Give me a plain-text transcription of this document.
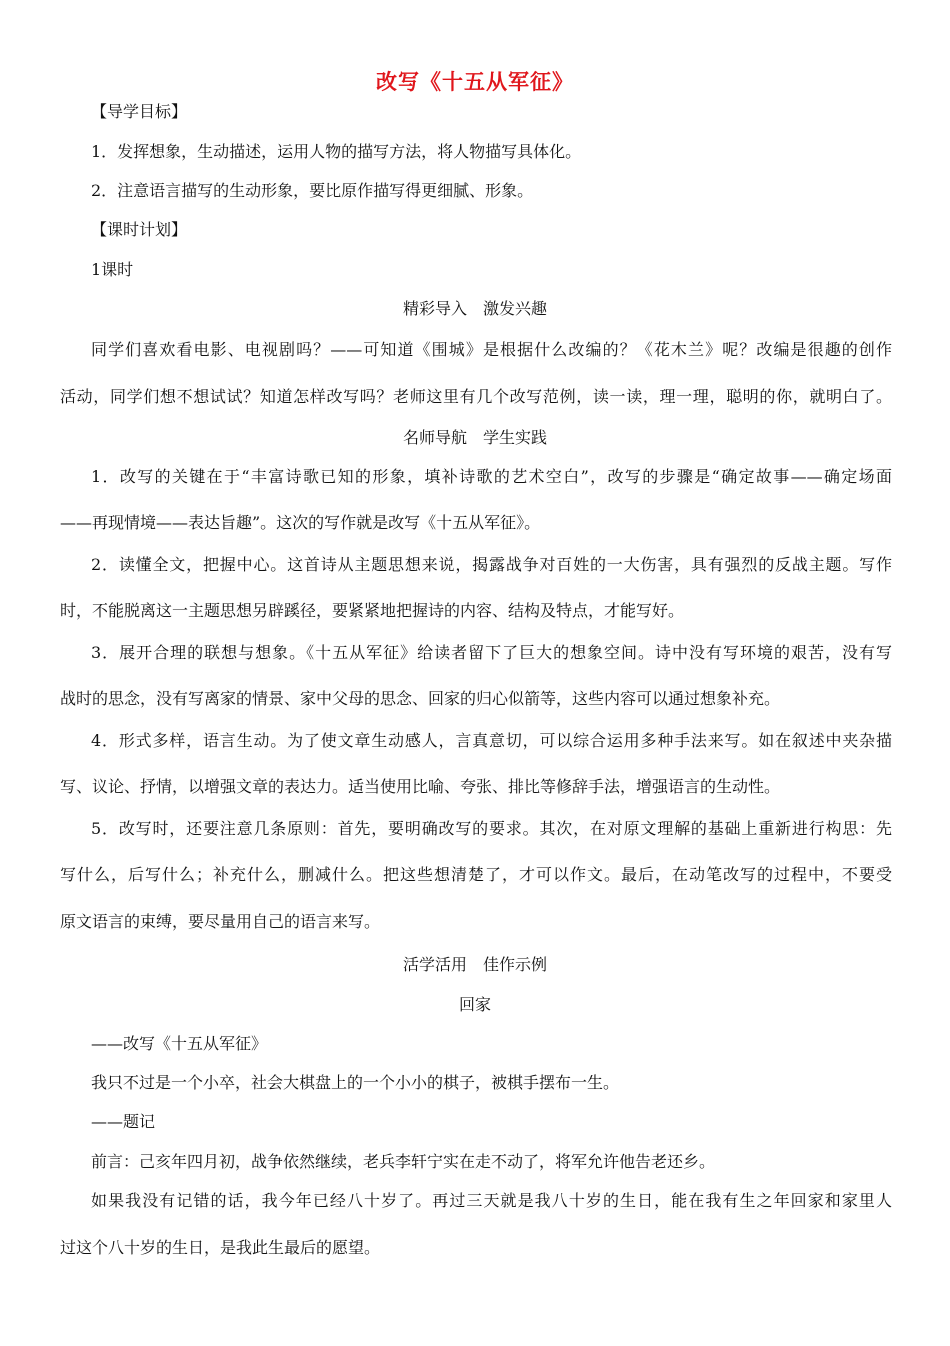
改写《十五从军征》
【导学目标】
1．发挥想象，生动描述，运用人物的描写方法，将人物描写具体化。
2．注意语言描写的生动形象，要比原作描写得更细腻、形象。
【课时计划】
1课时
精彩导入　激发兴趣
同学们喜欢看电影、电视剧吗？——可知道《围城》是根据什么改编的？《花木兰》呢？改编是很趣的创作
活动，同学们想不想试试？知道怎样改写吗？老师这里有几个改写范例，读一读，理一理，聪明的你，就明白了。
名师导航　学生实践
1．改写的关键在于“丰富诗歌已知的形象，填补诗歌的艺术空白”，改写的步骤是“确定故事——确定场面
——再现情境——表达旨趣”。这次的写作就是改写《十五从军征》。
2．读懂全文，把握中心。这首诗从主题思想来说，揭露战争对百姓的一大伤害，具有强烈的反战主题。写作
时，不能脱离这一主题思想另辟蹊径，要紧紧地把握诗的内容、结构及特点，才能写好。
3．展开合理的联想与想象。《十五从军征》给读者留下了巨大的想象空间。诗中没有写环境的艰苦，没有写
战时的思念，没有写离家的情景、家中父母的思念、回家的归心似箭等，这些内容可以通过想象补充。
4．形式多样，语言生动。为了使文章生动感人，言真意切，可以综合运用多种手法来写。如在叙述中夹杂描
写、议论、抒情，以增强文章的表达力。适当使用比喻、夸张、排比等修辞手法，增强语言的生动性。
5．改写时，还要注意几条原则：首先，要明确改写的要求。其次，在对原文理解的基础上重新进行构思：先
写什么，后写什么；补充什么，删减什么。把这些想清楚了，才可以作文。最后，在动笔改写的过程中，不要受
原文语言的束缚，要尽量用自己的语言来写。
活学活用　佳作示例
回家
——改写《十五从军征》
我只不过是一个小卒，社会大棋盘上的一个小小的棋子，被棋手摆布一生。
——题记
前言：己亥年四月初，战争依然继续，老兵李轩宁实在走不动了，将军允许他告老还乡。
如果我没有记错的话，我今年已经八十岁了。再过三天就是我八十岁的生日，能在我有生之年回家和家里人
过这个八十岁的生日，是我此生最后的愿望。
